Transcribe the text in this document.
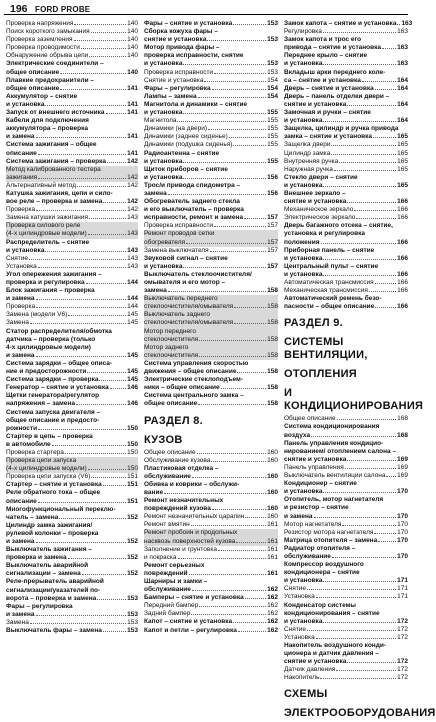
196 FORD PROBE
Проверка напряжения	140
Поиск короткого замыкания	140
Проверка заземления	140
Проверка проводимости	140
Обнаружение обрыва цепи	140
Электрические соединители –
общее описание	140
Плавкие предохранители –
общее описание	141
Аккумулятор – снятие
и установка	141
Запуск от внешнего источника	141
Кабели для подключения
аккумулятора – проверка
и замена	141
Система зажигания – общее
описание	141
Система зажигания – проверка	142
Метод калиброванного тестера
зажигания	142
Альтернативный метод	142
Катушка зажигания, цепи и сило-
вое реле – проверка и замена	142
Проверка	142
Замена катушки зажигания	143
Проверка силового реле
(4-х цилиндровые модели)	143
Распределитель – снятие
и установка	143
Снятие	143
Установка	143
Угол опережения зажигания –
проверка и регулировка	144
Блок зажигания – проверка
и замена	144
Проверка	144
Замена (модели V6)	145
Замена	145
Статор распределителя/обмотка
датчика – проверка (только
4-х цилиндровые модели)
и замена	145
Система зарядки – общее описа-
ние и предосторожности	145
Система зарядки – проверка	145
Генератор – снятие и установка	146
Щетки генератора/регулятор
напряжения – замена	146
Система запуска двигателя –
общее описание и предосто-
рожности	150
Стартер в цепь – проверка
в автомобиле	150
Проверка стартера	150
Проверка цепи запуска
(4-х цилиндровые модели)	150
Проверка цепи запуска (V6)	151
Стартер – снятие и установка	151
Реле обратного тока – общее
описание	151
Многофункциональный переклю-
чатель – замена	152
Цилиндр замка зажигания/
рулевой колонки – проверка
и замена	152
Выключатель зажигания –
проверка и замена	152
Выключатель аварийной
сигнализации – замена	152
Реле-прерыватель аварийной
сигнализации/указателей по-
ворота – проверка и замена	153
Фары – регулировка
и замена	153
Замена	153
Выключатель фары – замена	153
Фары – снятие и установка	153
Сборка кожуха фары –
снятие и установка	153
Мотор привода фары –
проверка исправности, снятие
и установка	153
Проверка исправности	153
Снятие и установка	154
Фары – регулировка	154
Лампы – замена	154
Магнитола и динамики – снятие
и установка	155
Магнитола	155
Динамики (на двери)	155
Динамики (заднее сиденье)	155
Динамики (подушка сиденья)	155
Радиоантенна – снятие
и установка	155
Щиток приборов – снятие
и установка	156
Трос/и привода спидометра –
замена	156
Обогреватель заднего стекла
и его выключатель – проверка
исправности, ремонт и замена	157
Проверка исправности	157
Ремонт проводов сетки
обогревателя	157
Замена выключателя	157
Звуковой сигнал – снятие
и установка	157
Выключатель стеклоочистителя/
омывателя и его мотор –
замена	158
Выключатель переднего
стеклоочистителя/омывателя	158
Выключатель заднего
стеклоочистителя/омывателя	158
Мотор переднего
стеклоочистителя	158
Мотор заднего
стеклоочистителя	158
Система управления скоростью
движения – общее описание	158
Электрические стеклоподъем-
ники – общее описание	158
Система центрального замка –
общее описание	158
РАЗДЕЛ 8.
КУЗОВ
Общее описание	160
Обслуживание кузова	160
Пластиковая отделка –
обслуживание	160
Обивка и коврики – обслужи-
вание	160
Ремонт незначительных
повреждений кузова	160
Ремонт незначительных царапин	160
Ремонт вмятин	161
Ремонт пробоин и продольных
насквозь поверхностей кузова	161
Заполнение и грунтовка	161
и покраска	161
Ремонт серьезных
повреждений	161
Шарниры и замки –
обслуживание	162
Бамперы – снятие и установка	162
Передний бампер	162
Задний бампер	162
Капот – снятие и установка	162
Капот и петли – регулировка	162
Замок капота – снятие и установка 163
Регулировка	163
Замок капота и трос его
привода – снятие и установка 163
Переднее крыло – снятие
и установка	163
Вкладыш арки переднего коле-
са – снятие и установка	164
Дверь – снятие и установка	164
Дверь – панель отделки двери –
снятие и установка	164
Замочная и ручки – снятие
и установка	164
Защелка, цилиндр и ручка привода
замка – снятие и установка	165
Защелка двери	165
Цилиндр замка	165
Внутренняя ручка	165
Наружная ручка	165
Стекло двери – снятие
и установка	165
Внешнее зеркало –
снятие и установка	166
Механическое зеркало	166
Электрическое зеркало	166
Дверь багажного отсека – снятие,
установка и регулировка
положения	166
Приборная панель – снятие
и установка	166
Центральный пульт – снятие
и установка	166
Автоматическая трансмиссия	166
Механическая трансмиссия	166
Автоматический ремень безо-
пасности – общее описание	166
РАЗДЕЛ 9.
СИСТЕМЫ ВЕНТИЛЯЦИИ,
ОТОПЛЕНИЯ
И КОНДИЦИОНИРОВАНИЯ
Общее описание	168
Система кондиционирования
воздуха	168
Панель управления кондицио-
нированием/ отоплением салона –
снятие и установка	169
Панель управления	169
Выключатель вентиляции салона 169
Кондиционер – снятие
и установка	170
Отопитель, мотор нагнетателя
и резистор – снятие
и замена	170
Мотор нагнетателя	170
Резистор мотора нагнетателя	170
Матрица отопителя – замена	170
Радиатор отопителя –
обслуживание	170
Компрессор воздушного
кондиционера – снятие
и установка	171
Снятие	171
Установка	171
Конденсатор системы
кондиционирования – снятие
и установка	172
Снятие	172
Установка	172
Накопитель воздушного конди-
ционера и датчик давления –
снятие и установка	172
Датчик давления	172
Накопитель	172
СХЕМЫ
ЭЛЕКТРООБОРУДОВАНИЯ
